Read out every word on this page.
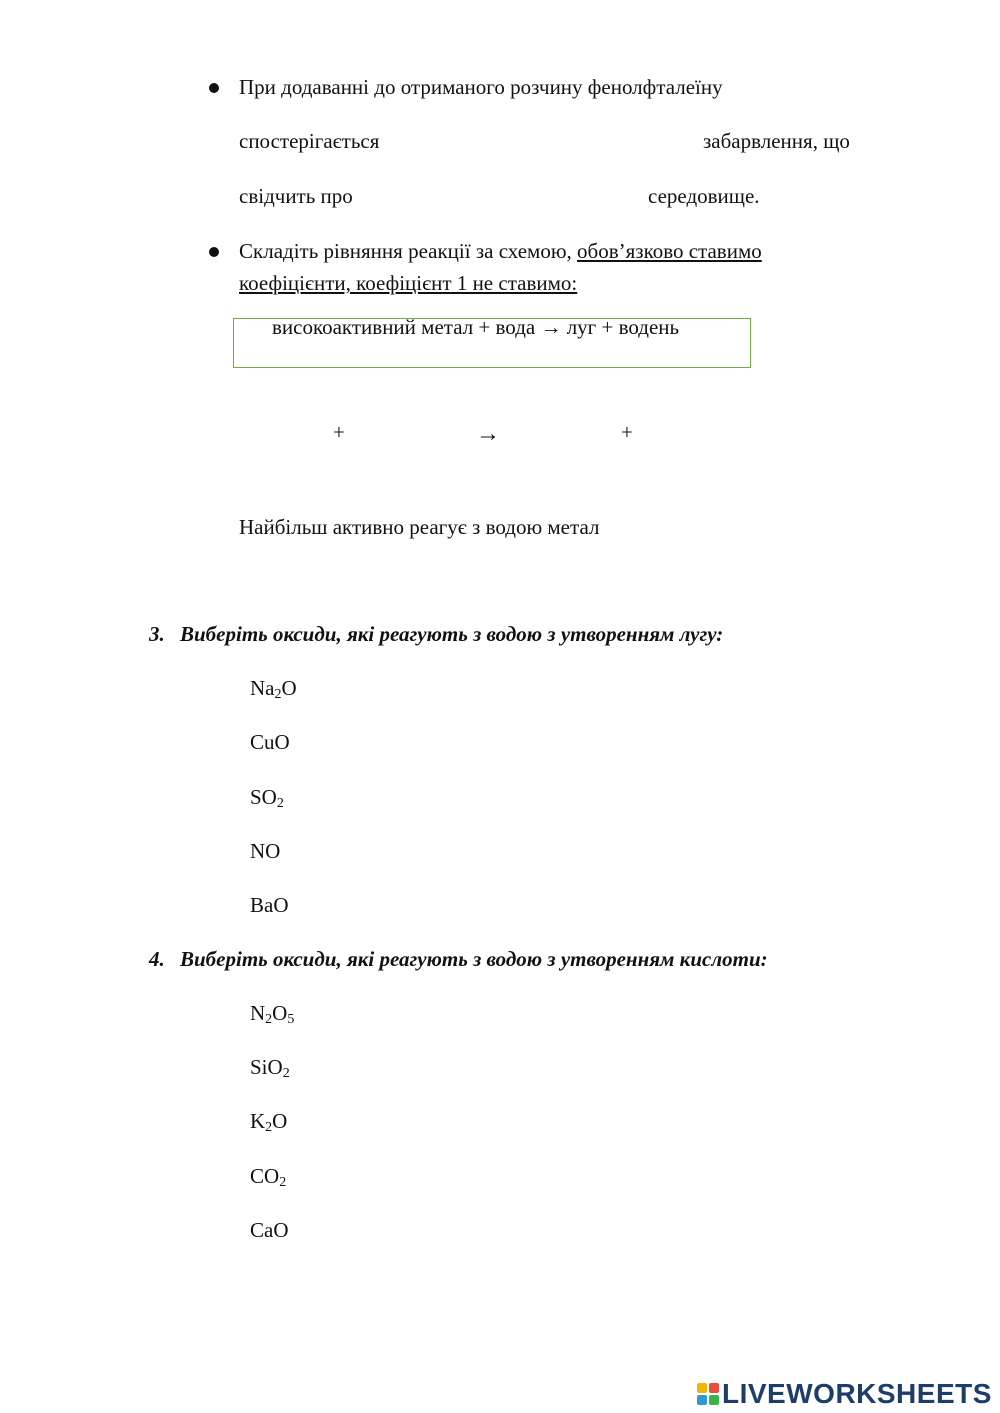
При додаванні до отриманого розчину фенолфталеїну
спостерігається	забарвлення, що
свідчить про	середовище.
Складіть рівняння реакції за схемою, обов’язково ставимо
коефіцієнти, коефіцієнт 1 не ставимо:
високоактивний метал + вода → луг + водень
+	→	+
Найбільш активно реагує з водою метал
3. Виберіть оксиди, які реагують з водою з утворенням лугу:
$Na_2O$
CuO
$SO_2$
NO
BaO
4. Виберіть оксиди, які реагують з водою з утворенням кислоти:
$N_2O_5$
SiO$_2$
$K_2O$
$CO_2$
CaO
LIVEWORKSHEETS
